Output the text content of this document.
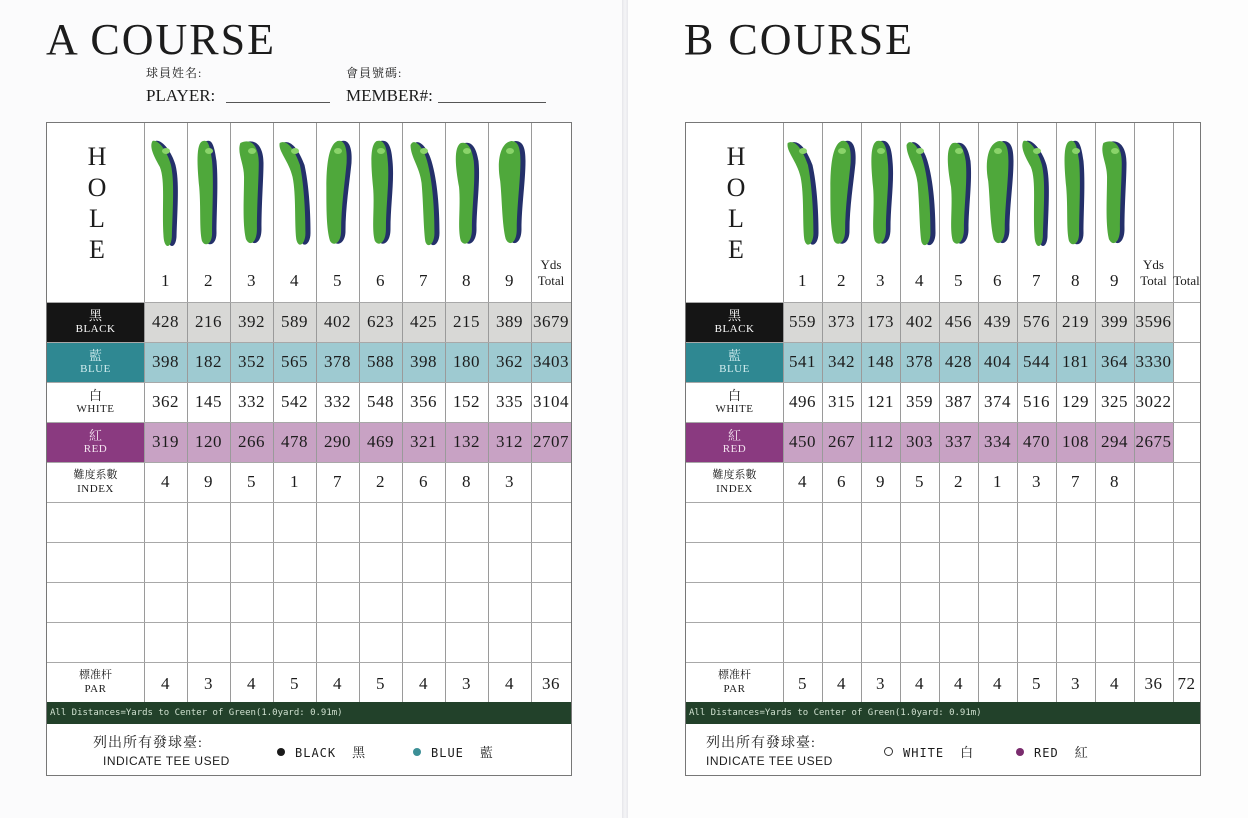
A COURSE
球員姓名:
PLAYER:
會員號碼:
MEMBER#:
H
O
L
E
1	2	3	4	5	6	7	8	9
Yds
Total
黑
BLACK	428 216 392 589 402 623 425 215 389 3679
藍
BLUE	398 182 352 565 378 588 398 180 362 3403
白
WHITE	362 145 332 542 332 548 356 152 335 3104
紅
RED	319 120 266 478 290 469 321 132 312 2707
難度系數
INDEX	4	9	5	1	7	2	6	8	3
標准杆
PAR	4	3	4	5	4	5	4	3	4	36
All Distances=Yards to Center of Green(1.0yard: 0.91m)
列出所有發球臺:
INDICATE TEE USED
BLACK 黑	BLUE 藍
B COURSE
H
O
L
E
1	2	3	4	5	6	7	8	9
Yds
Total Total
黑
BLACK	559 373 173 402 456 439 576 219 399 3596
藍
BLUE	541 342 148 378 428 404 544 181 364 3330
白
WHITE	496 315 121 359 387 374 516 129 325 3022
紅
RED	450 267 112 303 337 334 470 108 294 2675
難度系數
INDEX	4	6	9	5	2	1	3	7	8
標准杆
PAR	5	4	3	4	4	4	5	3	4	36 72
All Distances=Yards to Center of Green(1.0yard: 0.91m)
列出所有發球臺:
INDICATE TEE USED
WHITE 白	RED 紅
